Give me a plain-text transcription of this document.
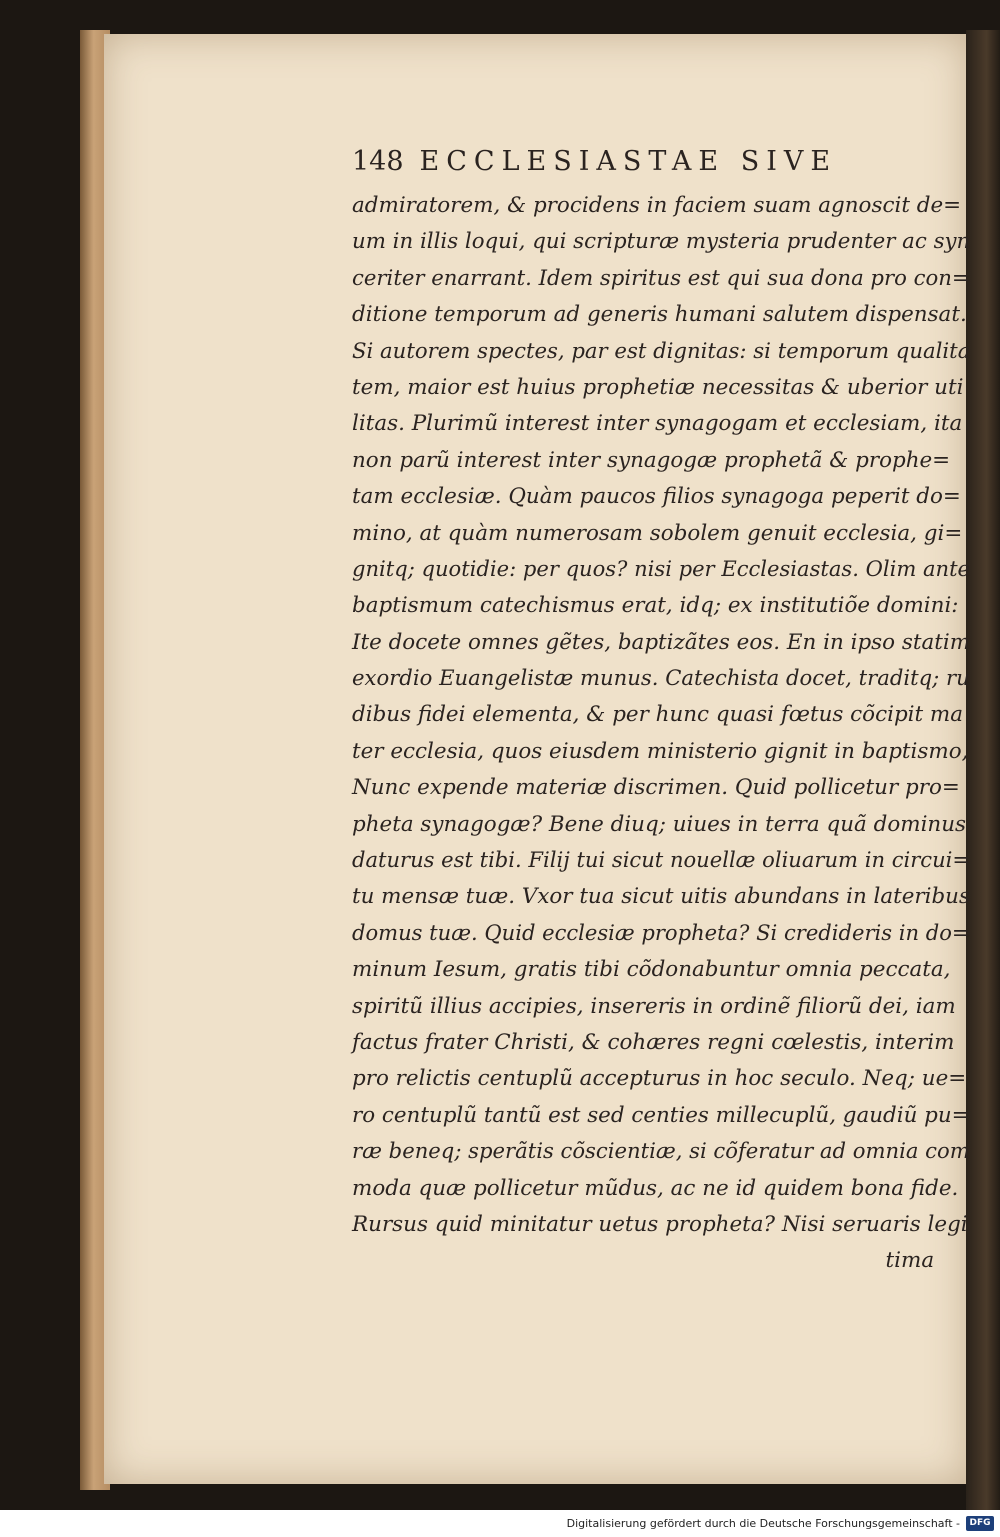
148 ECCLESIASTAE SIVE
admiratorem, & procidens in faciem suam agnoscit de=
um in illis loqui, qui scripturæ mysteria prudenter ac syn
ceriter enarrant. Idem spiritus est qui sua dona pro con=
ditione temporum ad generis humani salutem dispensat.
Si autorem spectes, par est dignitas: si temporum qualita
tem, maior est huius prophetiæ necessitas & uberior uti
litas. Plurimũ interest inter synagogam et ecclesiam, ita
non parũ interest inter synagogæ prophetã & prophe=
tam ecclesiæ. Quàm paucos filios synagoga peperit do=
mino, at quàm numerosam sobolem genuit ecclesia, gi=
gnitq; quotidie: per quos? nisi per Ecclesiastas. Olim ante
baptismum catechismus erat, idq; ex institutiõe domini:
Ite docete omnes gẽtes, baptizãtes eos. En in ipso statim
exordio Euangelistæ munus. Catechista docet, traditq; ru
dibus fidei elementa, & per hunc quasi fœtus cõcipit ma
ter ecclesia, quos eiusdem ministerio gignit in baptismo,
Nunc expende materiæ discrimen. Quid pollicetur pro=
pheta synagogæ? Bene diuq; uiues in terra quã dominus
daturus est tibi. Filij tui sicut nouellæ oliuarum in circui=
tu mensæ tuæ. Vxor tua sicut uitis abundans in lateribus
domus tuæ. Quid ecclesiæ propheta? Si credideris in do=
minum Iesum, gratis tibi cõdonabuntur omnia peccata,
spiritũ illius accipies, insereris in ordinẽ filiorũ dei, iam
factus frater Christi, & cohæres regni cœlestis, interim
pro relictis centuplũ accepturus in hoc seculo. Neq; ue=
ro centuplũ tantũ est sed centies millecuplũ, gaudiũ pu=
ræ beneq; sperãtis cõscientiæ, si cõferatur ad omnia com
moda quæ pollicetur mũdus, ac ne id quidem bona fide.
Rursus quid minitatur uetus propheta? Nisi seruaris legi
tima
Digitalisierung gefördert durch die Deutsche Forschungsgemeinschaft -	DFG
